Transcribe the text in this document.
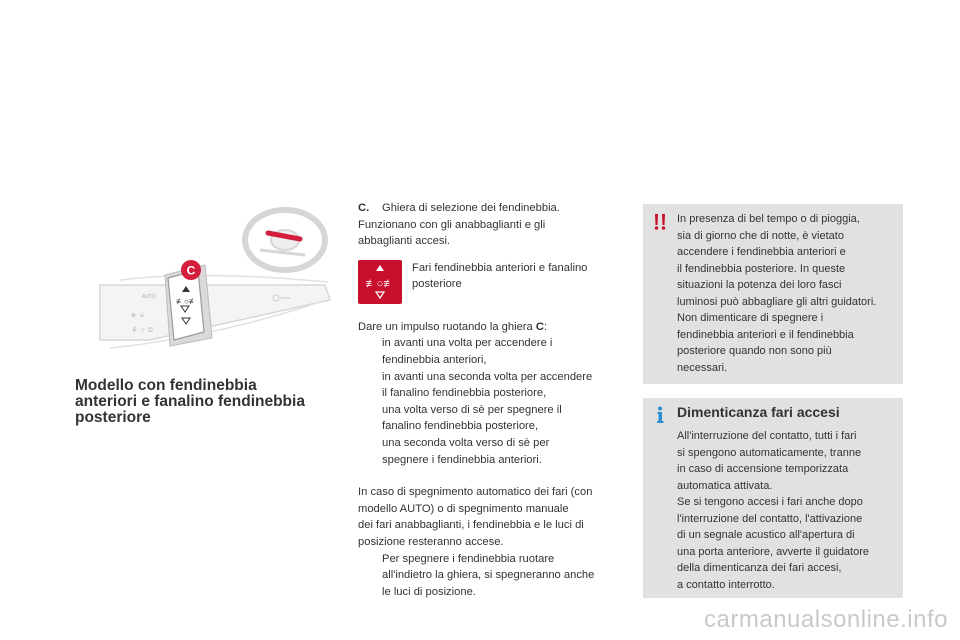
AUTO	≢○≢
☀︎ ≡
≢○ ≣
C
Modello con fendinebbia
anteriori e fanalino fendinebbia
posteriore

C. Ghiera di selezione dei fendinebbia.

Funzionano con gli anabbaglianti e gli

abbaglianti accesi.

≢○≢

Fari fendinebbia anteriori e fanalino

posteriore

Dare un impulso ruotando la ghiera C:

in avanti una volta per accendere i
fendinebbia anteriori,
in avanti una seconda volta per accendere
il fanalino fendinebbia posteriore,
una volta verso di sè per spegnere il
fanalino fendinebbia posteriore,
una seconda volta verso di sè per
spegnere i fendinebbia anteriori.

In caso di spegnimento automatico dei fari (con

modello AUTO) o di spegnimento manuale

dei fari anabbaglianti, i fendinebbia e le luci di

posizione resteranno accese.

Per spegnere i fendinebbia ruotare
all'indietro la ghiera, si spegneranno anche
le luci di posizione.

In presenza di bel tempo o di pioggia,

sia di giorno che di notte, è vietato

accendere i fendinebbia anteriori e

il fendinebbia posteriore. In queste

situazioni la potenza dei loro fasci

luminosi può abbagliare gli altri guidatori.

Non dimenticare di spegnere i

fendinebbia anteriori e il fendinebbia

posteriore quando non sono più

necessari.

Dimenticanza fari accesi

All'interruzione del contatto, tutti i fari

si spengono automaticamente, tranne

in caso di accensione temporizzata

automatica attivata.

Se si tengono accesi i fari anche dopo

l'interruzione del contatto, l'attivazione

di un segnale acustico all'apertura di

una porta anteriore, avverte il guidatore

della dimenticanza dei fari accesi,

a contatto interrotto.

carmanualsonline.info
